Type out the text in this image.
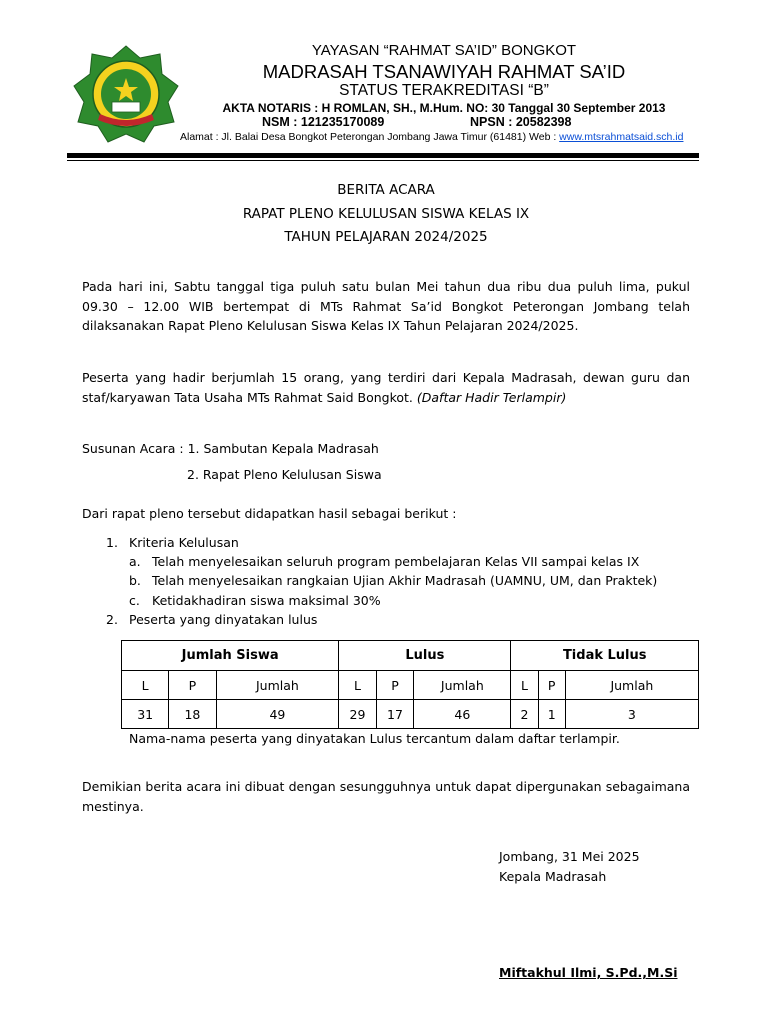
YAYASAN “RAHMAT SA’ID” BONGKOT
MADRASAH TSANAWIYAH RAHMAT SA’ID
STATUS TERAKREDITASI “B”
AKTA NOTARIS : H ROMLAN, SH., M.Hum. NO: 30 Tanggal 30 September 2013
NSM : 121235170089	NPSN : 20582398
Alamat : Jl. Balai Desa Bongkot Peterongan Jombang Jawa Timur (61481) Web : www.mtsrahmatsaid.sch.id
BERITA ACARA
RAPAT PLENO KELULUSAN SISWA KELAS IX
TAHUN PELAJARAN 2024/2025
Pada hari ini, Sabtu tanggal tiga puluh satu bulan Mei tahun dua ribu dua puluh lima, pukul
09.30 – 12.00 WIB bertempat di MTs Rahmat Sa’id Bongkot Peterongan Jombang telah
dilaksanakan Rapat Pleno Kelulusan Siswa Kelas IX Tahun Pelajaran 2024/2025.
Peserta yang hadir berjumlah 15 orang, yang terdiri dari Kepala Madrasah, dewan guru dan
staf/karyawan Tata Usaha MTs Rahmat Said Bongkot. (Daftar Hadir Terlampir)
Susunan Acara : 1. Sambutan Kepala Madrasah
2. Rapat Pleno Kelulusan Siswa
Dari rapat pleno tersebut didapatkan hasil sebagai berikut :
1. Kriteria Kelulusan
a. Telah menyelesaikan seluruh program pembelajaran Kelas VII sampai kelas IX
b. Telah menyelesaikan rangkaian Ujian Akhir Madrasah (UAMNU, UM, dan Praktek)
c. Ketidakhadiran siswa maksimal 30%
2. Peserta yang dinyatakan lulus
Jumlah Siswa			Lulus			Tidak Lulus		
L	P	Jumlah	L	P	Jumlah	L	P	Jumlah
31	18	49	29	17	46	2	1	3
Nama-nama peserta yang dinyatakan Lulus tercantum dalam daftar terlampir.
Demikian berita acara ini dibuat dengan sesungguhnya untuk dapat dipergunakan sebagaimana
mestinya.
Jombang, 31 Mei 2025
Kepala Madrasah
Miftakhul Ilmi, S.Pd.,M.Si
